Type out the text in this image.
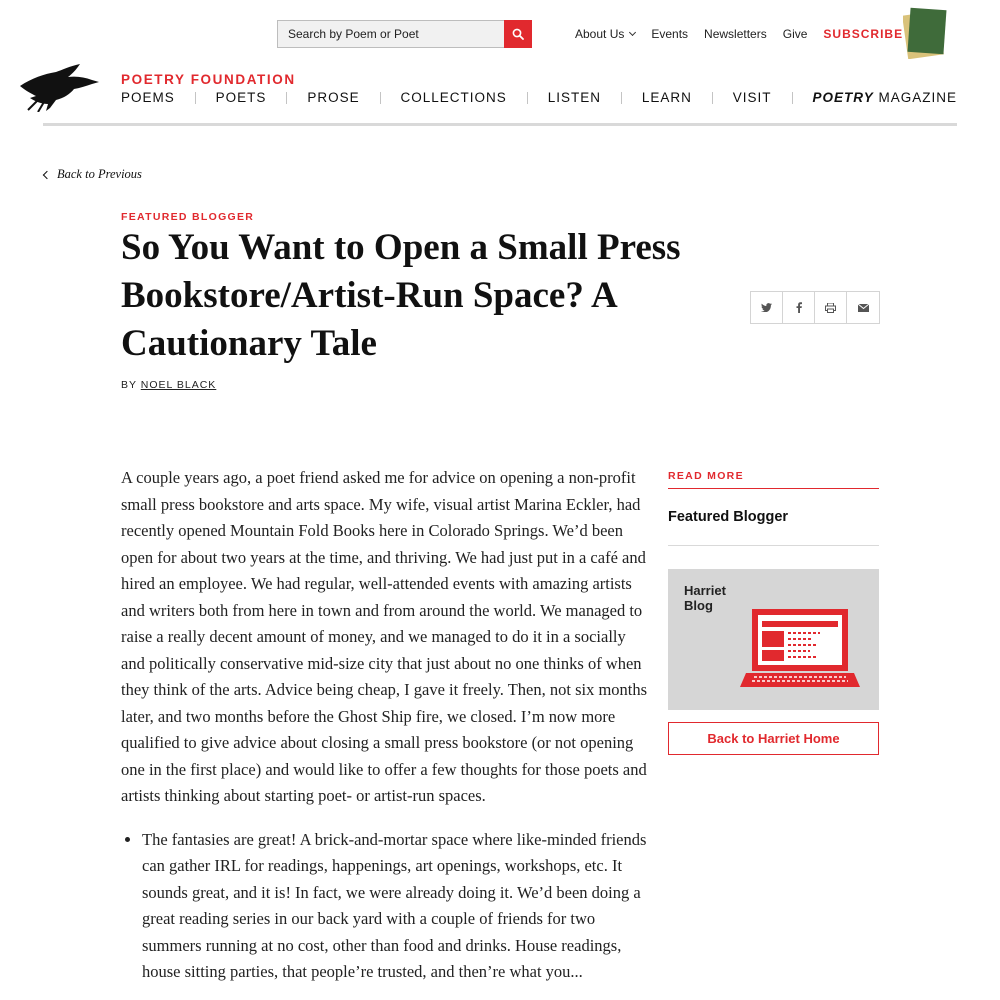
Search by Poem or Poet
About Us Events Newsletters Give SUBSCRIBE
POETRY FOUNDATION
POEMS	POETS	PROSE	COLLECTIONS	LISTEN	LEARN	VISIT	POETRY MAGAZINE
Back to Previous
FEATURED BLOGGER
So You Want to Open a Small Press Bookstore/Artist-Run Space? A Cautionary Tale
BY NOEL BLACK

A couple years ago, a poet friend asked me for advice on opening a non-profit small press bookstore and arts space. My wife, visual artist Marina Eckler, had recently opened Mountain Fold Books here in Colorado Springs. We’d been open for about two years at the time, and thriving. We had just put in a café and hired an employee. We had regular, well-attended events with amazing artists and writers both from here in town and from around the world. We managed to raise a really decent amount of money, and we managed to do it in a socially and politically conservative mid-size city that just about no one thinks of when they think of the arts. Advice being cheap, I gave it freely. Then, not six months later, and two months before the Ghost Ship fire, we closed. I’m now more qualified to give advice about closing a small press bookstore (or not opening one in the first place) and would like to offer a few thoughts for those poets and artists thinking about starting poet- or artist-run spaces.

• The fantasies are great! A brick-and-mortar space where like-minded friends can gather IRL for readings, happenings, art openings, workshops, etc. It sounds great, and it is! In fact, we were already doing it. We’d been doing a great reading series in our back yard with a couple of friends for two summers running at no cost, other than food and drinks. House readings, house sitting parties, that people’re trusted, and then’re what you...
READ MORE
Featured Blogger
Harriet Blog
Back to Harriet Home
